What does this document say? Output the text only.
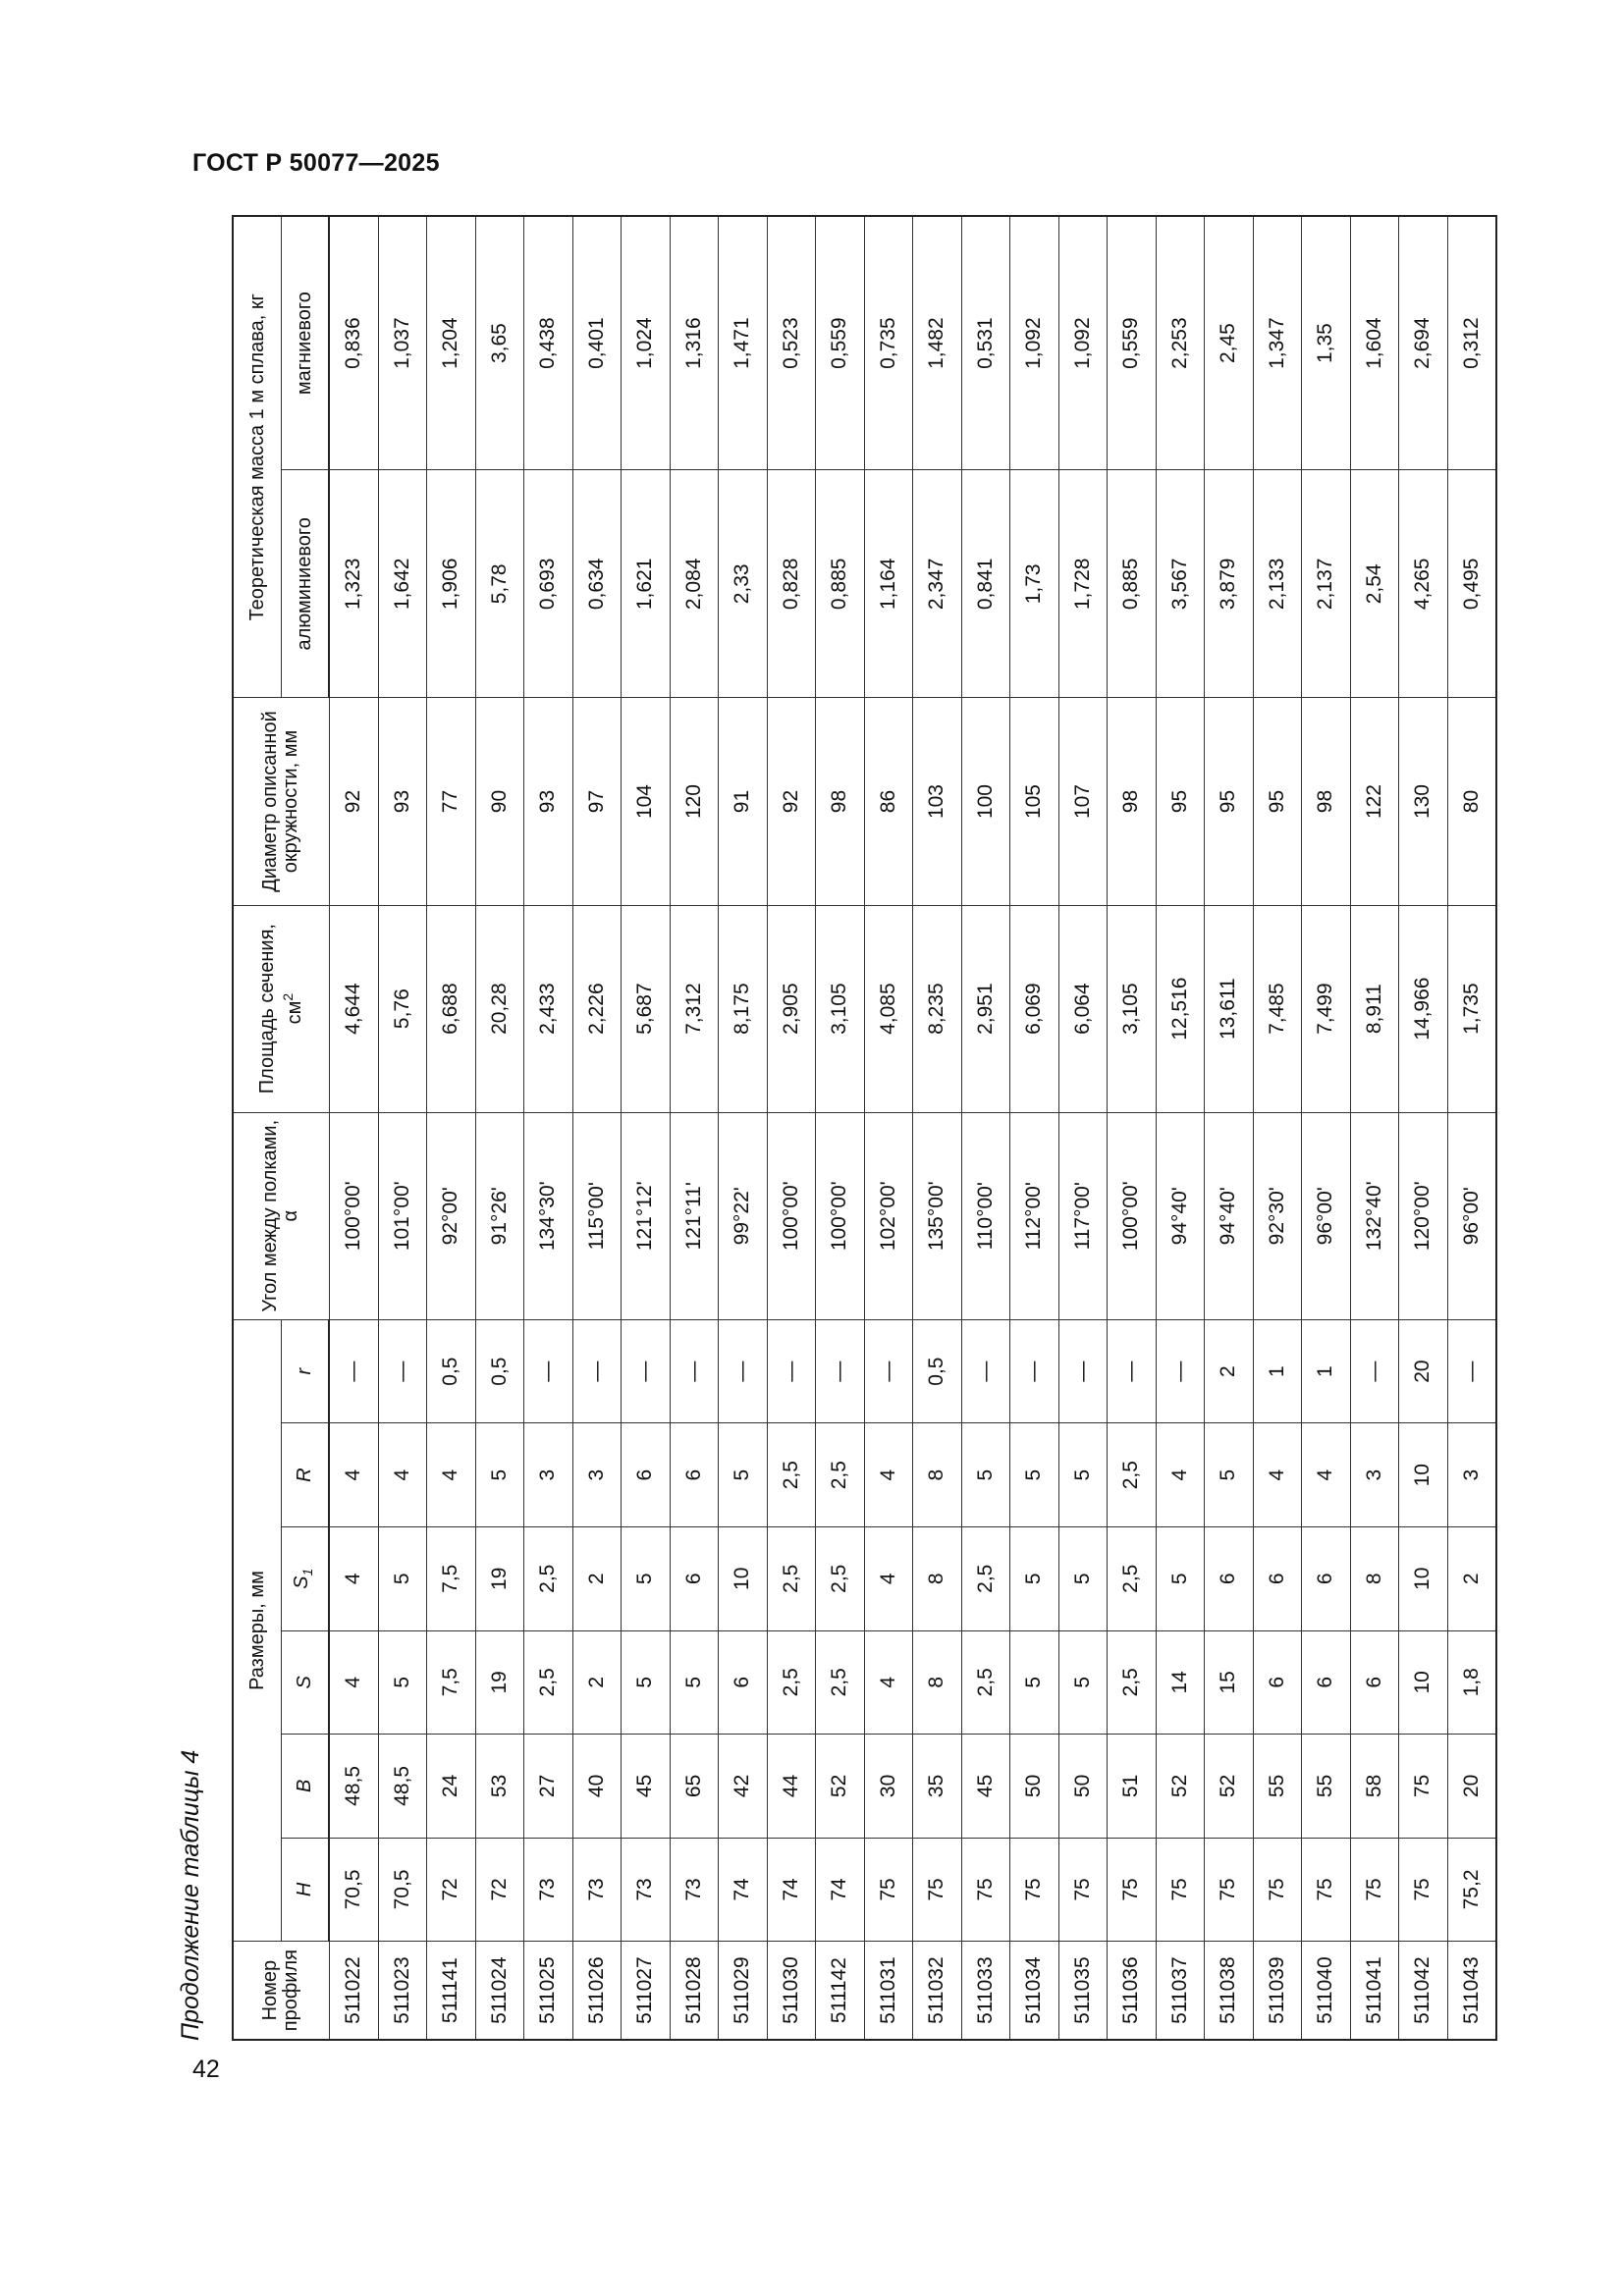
ГОСТ Р 50077—2025
42
Продолжение таблицы 4	Номер профиля	Размеры, мм						Угол между полками, α	Площадь сечения, $см^2$	Диаметр описанной окружности, мм	Теоретическая масса 1 м сплава, кг	
	H	B	S	$S_1$	R	r				алюминиевого	магниевого
511022	70,5	48,5	4	4	4	—	100°00'	4,644	92	1,323	0,836
511023	70,5	48,5	5	5	4	—	101°00'	5,76	93	1,642	1,037
511141	72	24	7,5	7,5	4	0,5	92°00'	6,688	77	1,906	1,204
511024	72	53	19	19	5	0,5	91°26'	20,28	90	5,78	3,65
511025	73	27	2,5	2,5	3	—	134°30'	2,433	93	0,693	0,438
511026	73	40	2	2	3	—	115°00'	2,226	97	0,634	0,401
511027	73	45	5	5	6	—	121°12'	5,687	104	1,621	1,024
511028	73	65	5	6	6	—	121°11'	7,312	120	2,084	1,316
511029	74	42	6	10	5	—	99°22'	8,175	91	2,33	1,471
511030	74	44	2,5	2,5	2,5	—	100°00'	2,905	92	0,828	0,523
511142	74	52	2,5	2,5	2,5	—	100°00'	3,105	98	0,885	0,559
511031	75	30	4	4	4	—	102°00'	4,085	86	1,164	0,735
511032	75	35	8	8	8	0,5	135°00'	8,235	103	2,347	1,482
511033	75	45	2,5	2,5	5	—	110°00'	2,951	100	0,841	0,531
511034	75	50	5	5	5	—	112°00'	6,069	105	1,73	1,092
511035	75	50	5	5	5	—	117°00'	6,064	107	1,728	1,092
511036	75	51	2,5	2,5	2,5	—	100°00'	3,105	98	0,885	0,559
511037	75	52	14	5	4	—	94°40'	12,516	95	3,567	2,253
511038	75	52	15	6	5	2	94°40'	13,611	95	3,879	2,45
511039	75	55	6	6	4	1	92°30'	7,485	95	2,133	1,347
511040	75	55	6	6	4	1	96°00'	7,499	98	2,137	1,35
511041	75	58	6	8	3	—	132°40'	8,911	122	2,54	1,604
511042	75	75	10	10	10	20	120°00'	14,966	130	4,265	2,694
511043	75,2	20	1,8	2	3	—	96°00'	1,735	80	0,495	0,312
